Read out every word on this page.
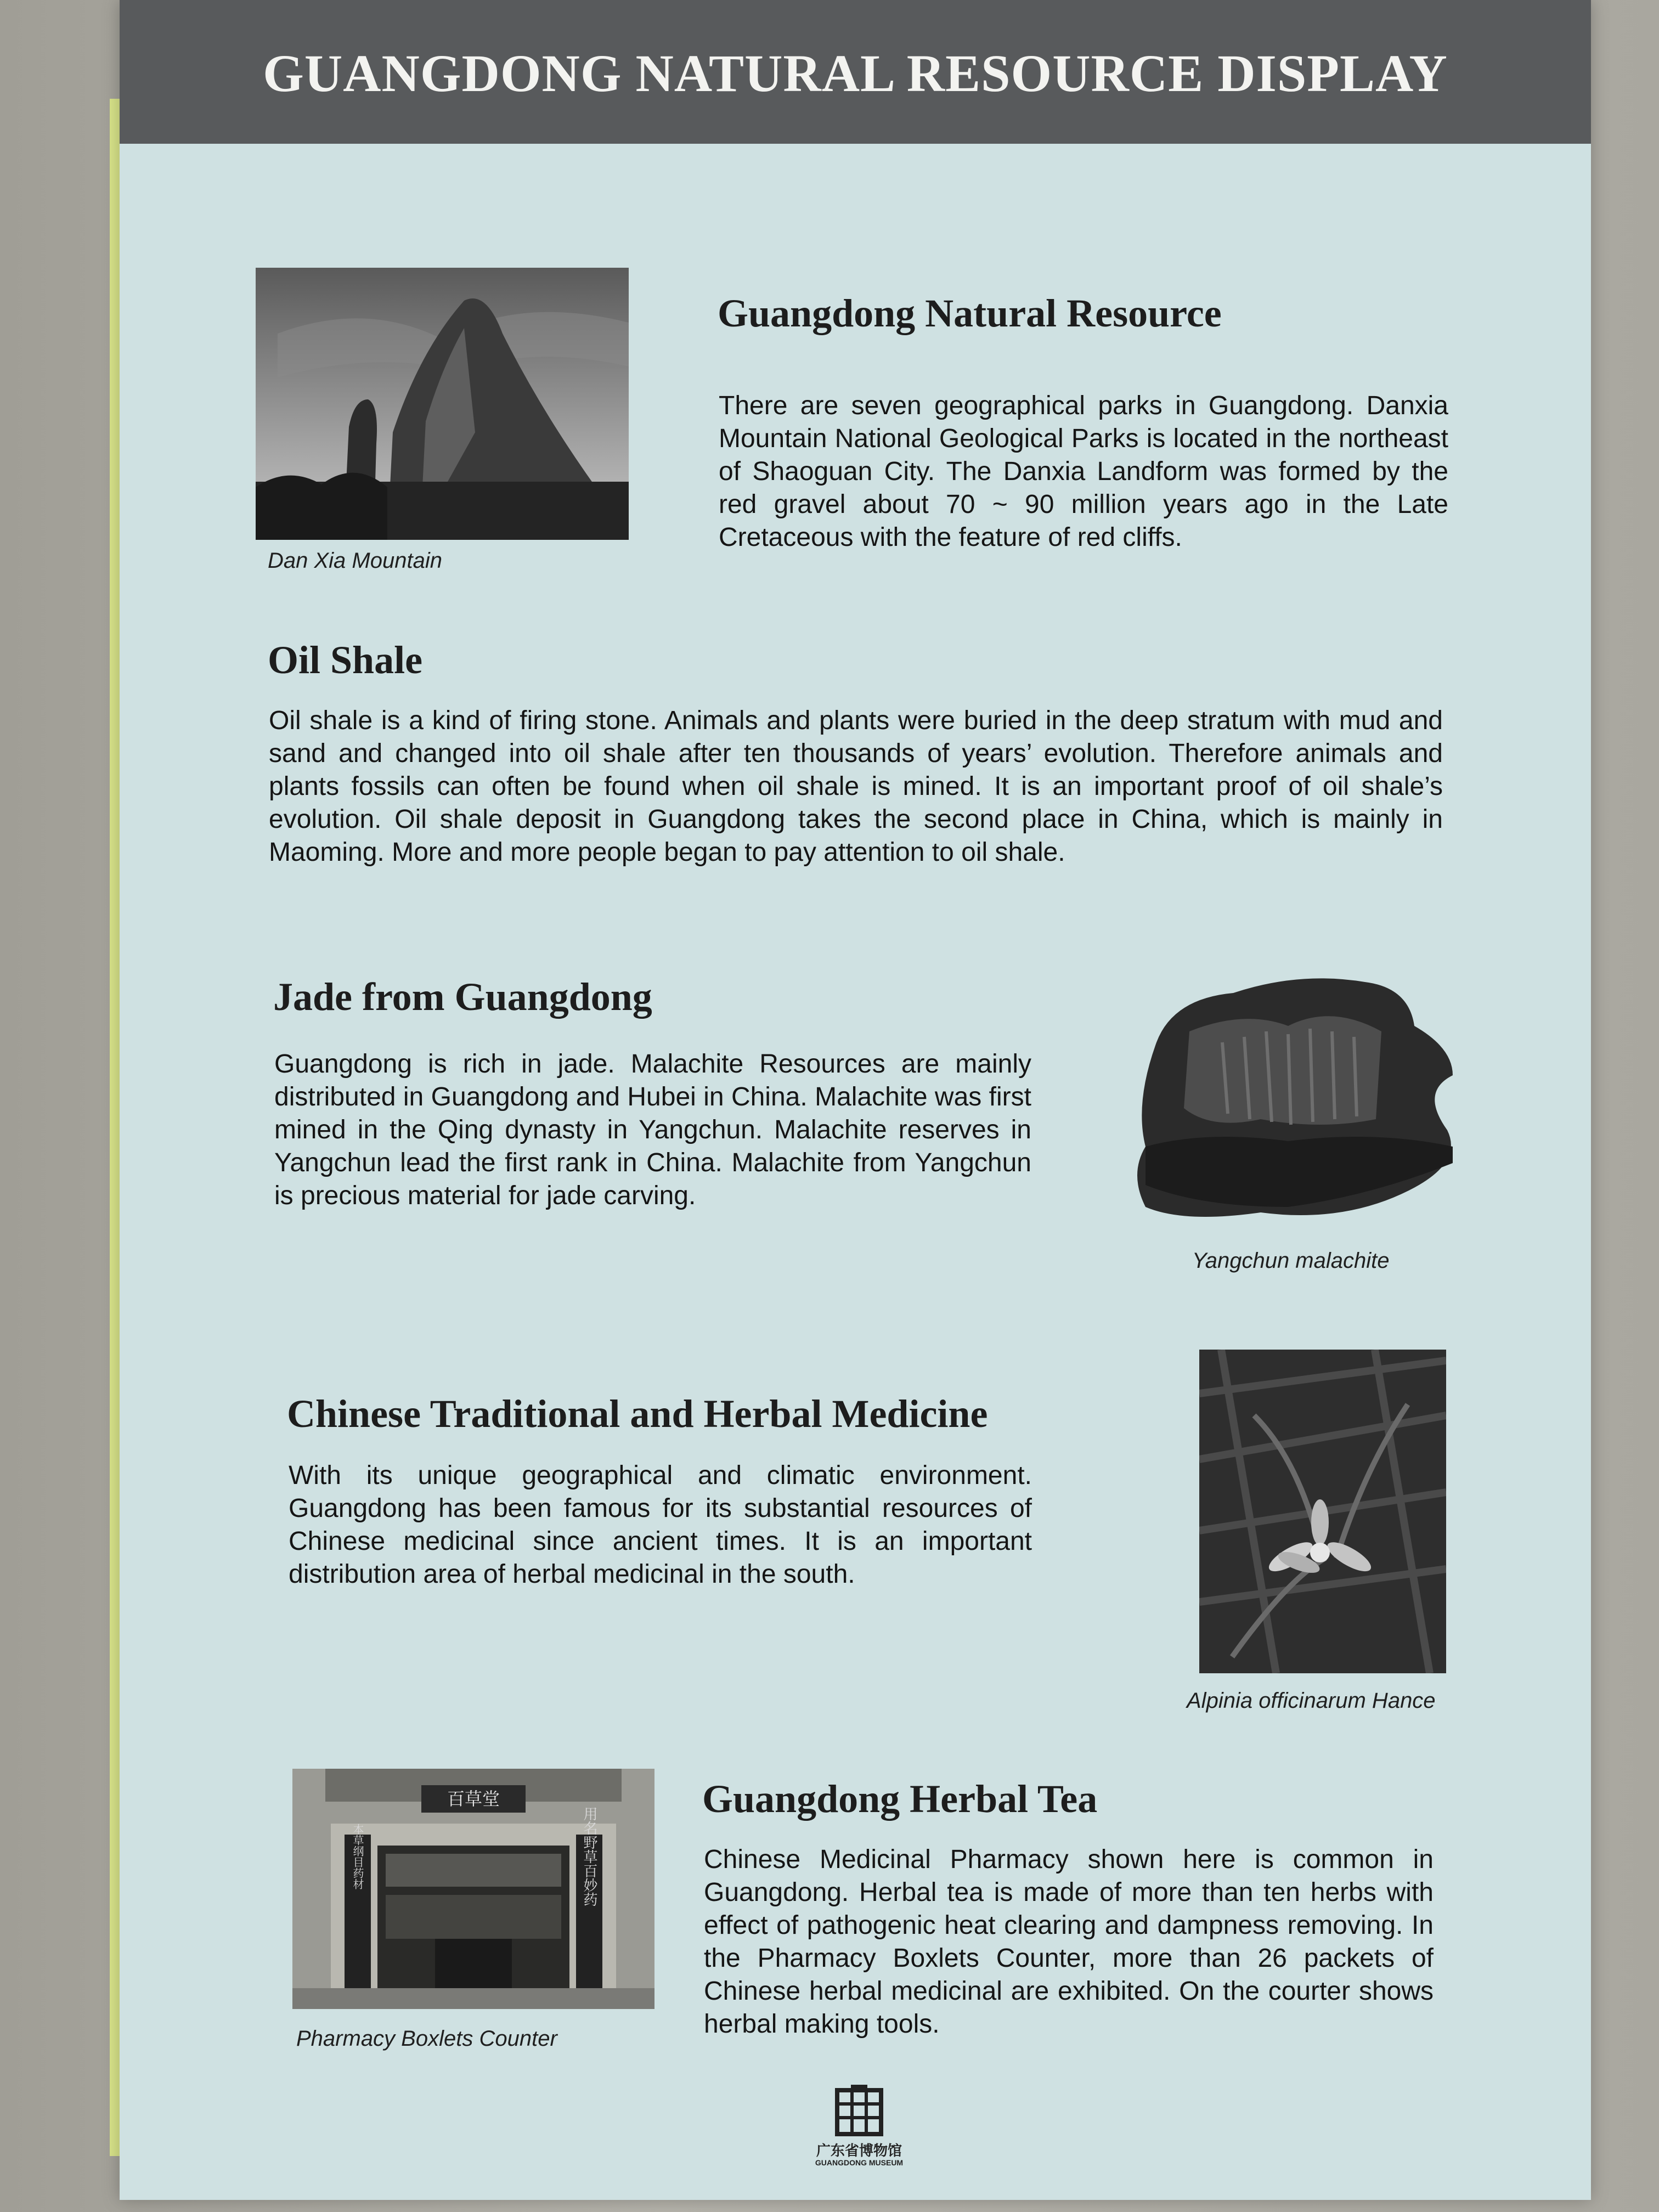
GUANGDONG NATURAL RESOURCE DISPLAY
Dan Xia Mountain
Guangdong Natural Resource
There are seven geographical parks in Guangdong. Danxia Mountain National Geological Parks is located in the northeast of Shaoguan City. The Danxia Landform was formed by the red gravel about 70 ~ 90 million years ago in the Late Cretaceous with the feature of red cliffs.
Oil Shale
Oil shale is a kind of firing stone. Animals and plants were buried in the deep stratum with mud and sand and changed into oil shale after ten thousands of years’ evolution. Therefore animals and plants fossils can often be found when oil shale is mined. It is an important proof of oil shale’s evolution. Oil shale deposit in Guangdong takes the second place in China, which is mainly in Maoming. More and more people began to pay attention to oil shale.
Jade from Guangdong
Guangdong is rich in jade. Malachite Resources are mainly distributed in Guangdong and Hubei in China. Malachite was first mined in the Qing dynasty in Yangchun. Malachite reserves in Yangchun lead the first rank in China. Malachite from Yangchun is precious material for jade carving.
Yangchun malachite
Chinese Traditional and Herbal Medicine
With its unique geographical and climatic environment. Guangdong has been famous for its substantial resources of Chinese medicinal since ancient times. It is an important distribution area of herbal medicinal in the south.
Alpinia officinarum Hance
百草堂
本草纲目药材	用名野草百妙药
Pharmacy Boxlets Counter
Guangdong Herbal Tea
Chinese Medicinal Pharmacy shown here is common in Guangdong. Herbal tea is made of more than ten herbs with effect of pathogenic heat clearing and dampness removing. In the Pharmacy Boxlets Counter, more than 26 packets of Chinese herbal medicinal are exhibited. On the courter shows herbal making tools.
广东省博物馆
GUANGDONG MUSEUM
